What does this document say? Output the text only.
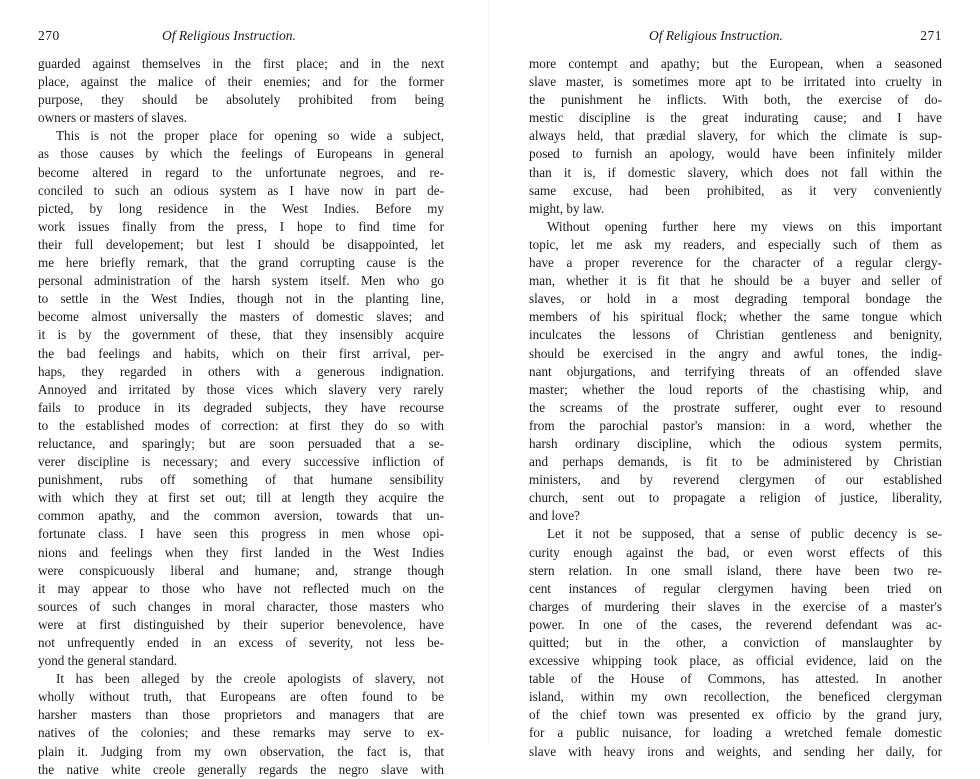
270	Of Religious Instruction.
guarded against themselves in the first place; and in the next
place, against the malice of their enemies; and for the former
purpose, they should be absolutely prohibited from being
owners or masters of slaves.
This is not the proper place for opening so wide a subject,
as those causes by which the feelings of Europeans in general
become altered in regard to the unfortunate negroes, and re-
conciled to such an odious system as I have now in part de-
picted, by long residence in the West Indies. Before my
work issues finally from the press, I hope to find time for
their full developement; but lest I should be disappointed, let
me here briefly remark, that the grand corrupting cause is the
personal administration of the harsh system itself. Men who go
to settle in the West Indies, though not in the planting line,
become almost universally the masters of domestic slaves; and
it is by the government of these, that they insensibly acquire
the bad feelings and habits, which on their first arrival, per-
haps, they regarded in others with a generous indignation.
Annoyed and irritated by those vices which slavery very rarely
fails to produce in its degraded subjects, they have recourse
to the established modes of correction: at first they do so with
reluctance, and sparingly; but are soon persuaded that a se-
verer discipline is necessary; and every successive infliction of
punishment, rubs off something of that humane sensibility
with which they at first set out; till at length they acquire the
common apathy, and the common aversion, towards that un-
fortunate class. I have seen this progress in men whose opi-
nions and feelings when they first landed in the West Indies
were conspicuously liberal and humane; and, strange though
it may appear to those who have not reflected much on the
sources of such changes in moral character, those masters who
were at first distinguished by their superior benevolence, have
not unfrequently ended in an excess of severity, not less be-
yond the general standard.
It has been alleged by the creole apologists of slavery, not
wholly without truth, that Europeans are often found to be
harsher masters than those proprietors and managers that are
natives of the colonies; and these remarks may serve to ex-
plain it. Judging from my own observation, the fact is, that
the native white creole generally regards the negro slave with
Of Religious Instruction.	271
more contempt and apathy; but the European, when a seasoned
slave master, is sometimes more apt to be irritated into cruelty in
the punishment he inflicts. With both, the exercise of do-
mestic discipline is the great indurating cause; and I have
always held, that prædial slavery, for which the climate is sup-
posed to furnish an apology, would have been infinitely milder
than it is, if domestic slavery, which does not fall within the
same excuse, had been prohibited, as it very conveniently
might, by law.
Without opening further here my views on this important
topic, let me ask my readers, and especially such of them as
have a proper reverence for the character of a regular clergy-
man, whether it is fit that he should be a buyer and seller of
slaves, or hold in a most degrading temporal bondage the
members of his spiritual flock; whether the same tongue which
inculcates the lessons of Christian gentleness and benignity,
should be exercised in the angry and awful tones, the indig-
nant objurgations, and terrifying threats of an offended slave
master; whether the loud reports of the chastising whip, and
the screams of the prostrate sufferer, ought ever to resound
from the parochial pastor's mansion: in a word, whether the
harsh ordinary discipline, which the odious system permits,
and perhaps demands, is fit to be administered by Christian
ministers, and by reverend clergymen of our established
church, sent out to propagate a religion of justice, liberality,
and love?
Let it not be supposed, that a sense of public decency is se-
curity enough against the bad, or even worst effects of this
stern relation. In one small island, there have been two re-
cent instances of regular clergymen having been tried on
charges of murdering their slaves in the exercise of a master's
power. In one of the cases, the reverend defendant was ac-
quitted; but in the other, a conviction of manslaughter by
excessive whipping took place, as official evidence, laid on the
table of the House of Commons, has attested. In another
island, within my own recollection, the beneficed clergyman
of the chief town was presented ex officio by the grand jury,
for a public nuisance, for loading a wretched female domestic
slave with heavy irons and weights, and sending her daily, for
